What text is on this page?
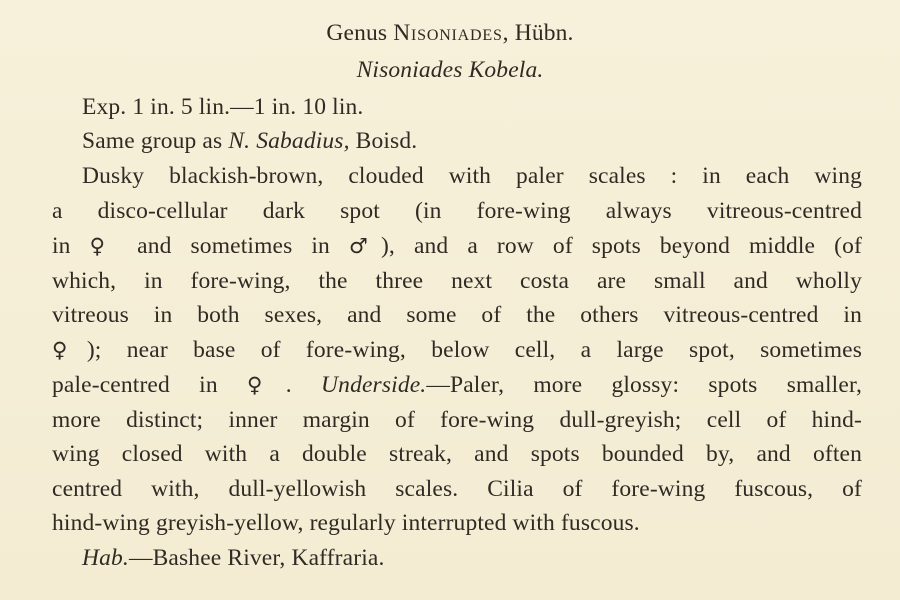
Genus Nisoniades, Hübn.
Nisoniades Kobela.
Exp. 1 in. 5 lin.—1 in. 10 lin.
Same group as N. Sabadius, Boisd.
Dusky blackish-brown, clouded with paler scales : in each wing
a disco-cellular dark spot (in fore-wing always vitreous-centred
in ♀ and sometimes in ♂), and a row of spots beyond middle (of
which, in fore-wing, the three next costa are small and wholly
vitreous in both sexes, and some of the others vitreous-centred in
♀); near base of fore-wing, below cell, a large spot, sometimes
pale-centred in ♀. Underside.—Paler, more glossy: spots smaller,
more distinct; inner margin of fore-wing dull-greyish; cell of hind-
wing closed with a double streak, and spots bounded by, and often
centred with, dull-yellowish scales. Cilia of fore-wing fuscous, of
hind-wing greyish-yellow, regularly interrupted with fuscous.
Hab.—Bashee River, Kaffraria.
